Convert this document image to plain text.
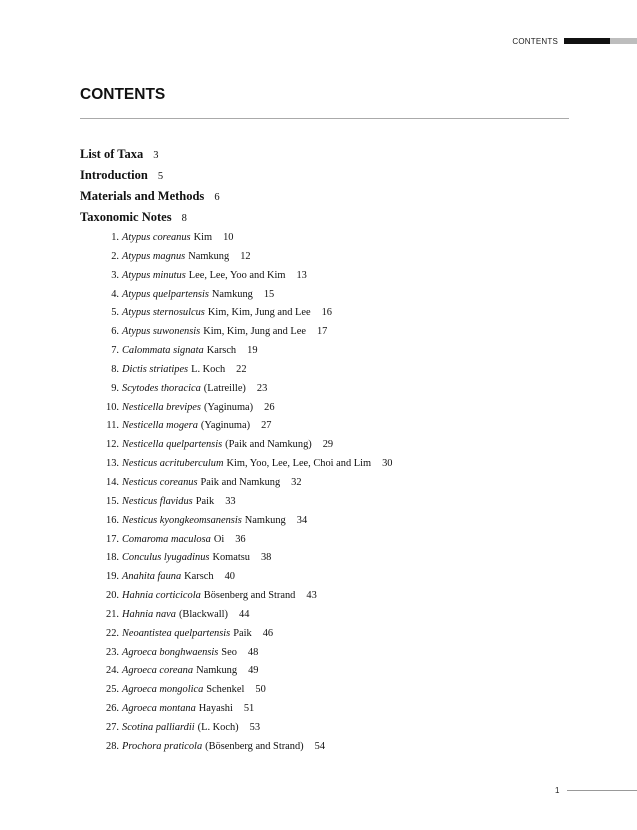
CONTENTS
CONTENTS
List of Taxa 3
Introduction 5
Materials and Methods 6
Taxonomic Notes 8
1. Atypus coreanus Kim 10
2. Atypus magnus Namkung 12
3. Atypus minutus Lee, Lee, Yoo and Kim 13
4. Atypus quelpartensis Namkung 15
5. Atypus sternosulcus Kim, Kim, Jung and Lee 16
6. Atypus suwonensis Kim, Kim, Jung and Lee 17
7. Calommata signata Karsch 19
8. Dictis striatipes L. Koch 22
9. Scytodes thoracica (Latreille) 23
10. Nesticella brevipes (Yaginuma) 26
11. Nesticella mogera (Yaginuma) 27
12. Nesticella quelpartensis (Paik and Namkung) 29
13. Nesticus acrituberculum Kim, Yoo, Lee, Lee, Choi and Lim 30
14. Nesticus coreanus Paik and Namkung 32
15. Nesticus flavidus Paik 33
16. Nesticus kyongkeomsanensis Namkung 34
17. Comaroma maculosa Oi 36
18. Conculus lyugadinus Komatsu 38
19. Anahita fauna Karsch 40
20. Hahnia corticicola Bösenberg and Strand 43
21. Hahnia nava (Blackwall) 44
22. Neoantistea quelpartensis Paik 46
23. Agroeca bonghwaensis Seo 48
24. Agroeca coreana Namkung 49
25. Agroeca mongolica Schenkel 50
26. Agroeca montana Hayashi 51
27. Scotina palliardii (L. Koch) 53
28. Prochora praticola (Bösenberg and Strand) 54
1
